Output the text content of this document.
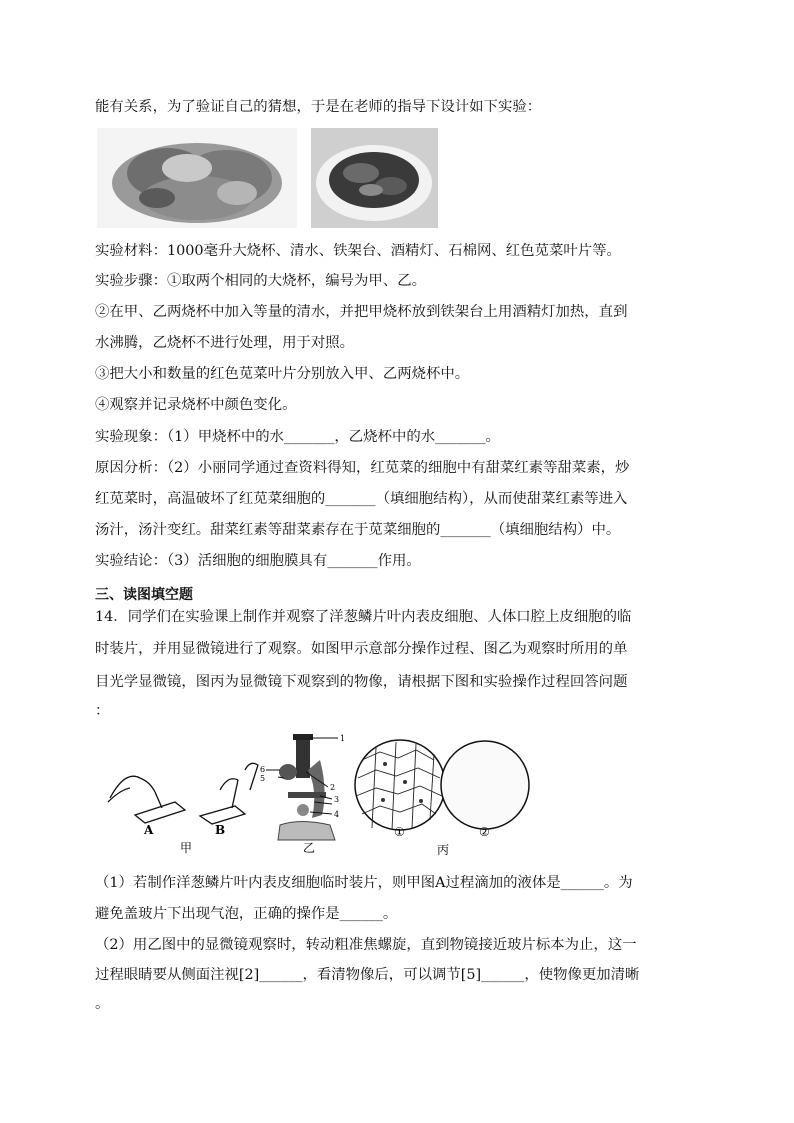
能有关系，为了验证自己的猜想，于是在老师的指导下设计如下实验：
实验材料：1000毫升大烧杯、清水、铁架台、酒精灯、石棉网、红色苋菜叶片等。
实验步骤：①取两个相同的大烧杯，编号为甲、乙。
②在甲、乙两烧杯中加入等量的清水，并把甲烧杯放到铁架台上用酒精灯加热，直到
水沸腾，乙烧杯不进行处理，用于对照。
③把大小和数量的红色苋菜叶片分别放入甲、乙两烧杯中。
④观察并记录烧杯中颜色变化。
实验现象：（1）甲烧杯中的水_______，乙烧杯中的水_______。
原因分析：（2）小丽同学通过查资料得知，红苋菜的细胞中有甜菜红素等甜菜素，炒
红苋菜时，高温破坏了红苋菜细胞的_______（填细胞结构），从而使甜菜红素等进入
汤汁，汤汁变红。甜菜红素等甜菜素存在于苋菜细胞的_______（填细胞结构）中。
实验结论：（3）活细胞的细胞膜具有_______作用。
三、读图填空题
14．同学们在实验课上制作并观察了洋葱鳞片叶内表皮细胞、人体口腔上皮细胞的临
时装片，并用显微镜进行了观察。如图甲示意部分操作过程、图乙为观察时所用的单
目光学显微镜，图丙为显微镜下观察到的物像，请根据下图和实验操作过程回答问题
：
A	B
甲
1
2
3
4
5
6
乙
①	②
丙
（1）若制作洋葱鳞片叶内表皮细胞临时装片，则甲图A过程滴加的液体是______。为
避免盖玻片下出现气泡，正确的操作是______。
（2）用乙图中的显微镜观察时，转动粗准焦螺旋，直到物镜接近玻片标本为止，这一
过程眼睛要从侧面注视[2]______，看清物像后，可以调节[5]______，使物像更加清晰
。
